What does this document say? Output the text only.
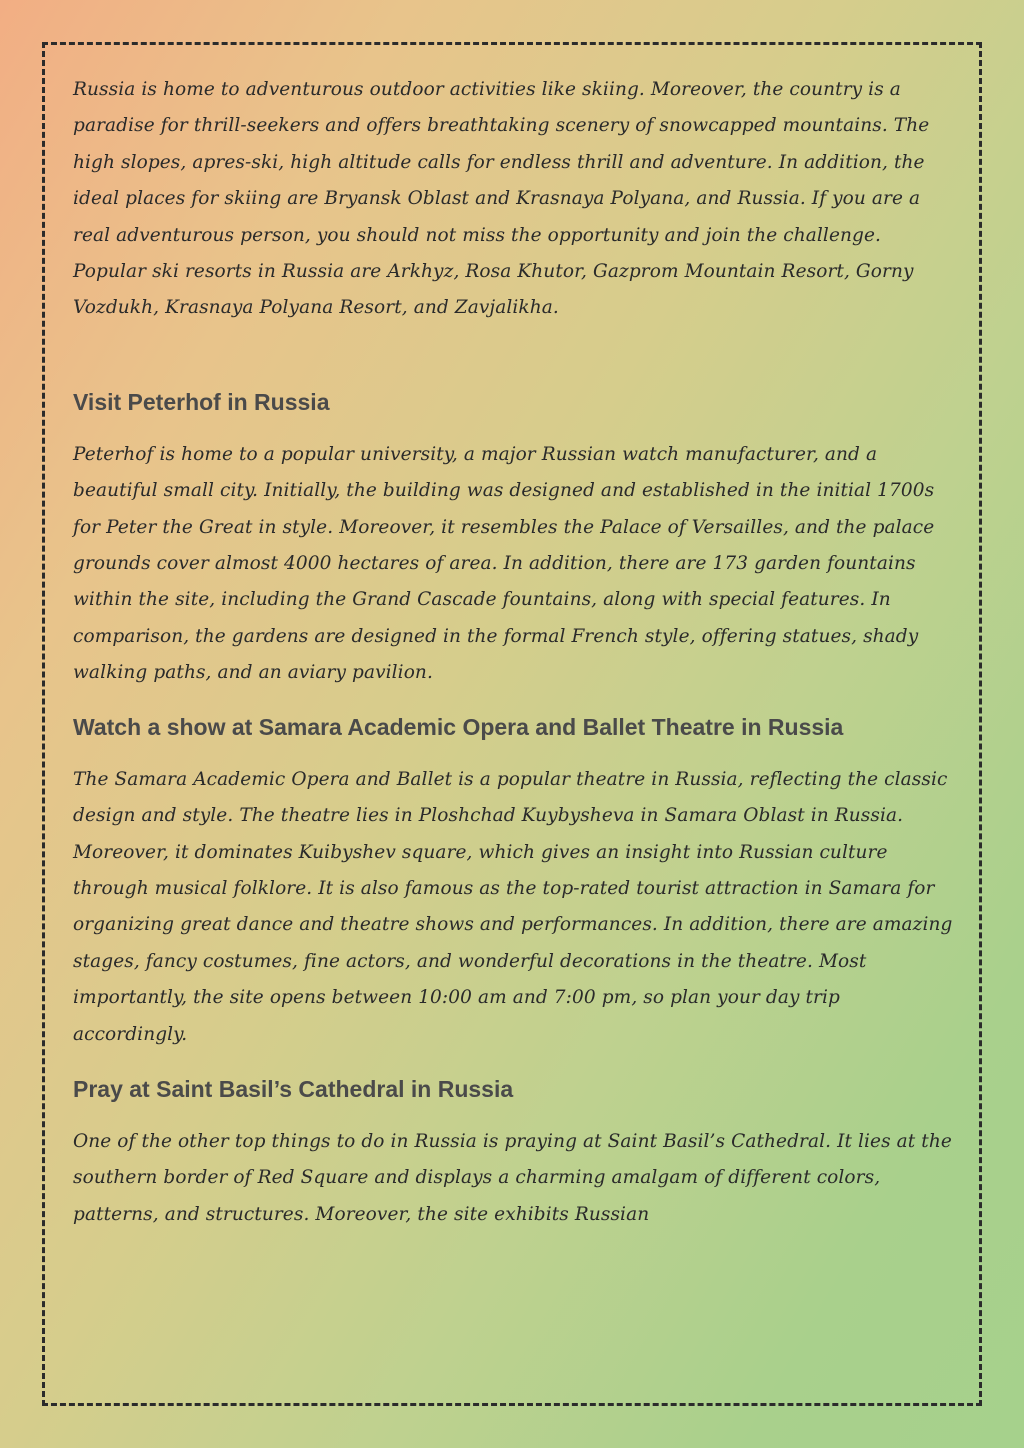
Russia is home to adventurous outdoor activities like skiing. Moreover, the country is a paradise for thrill-seekers and offers breathtaking scenery of snowcapped mountains. The high slopes, apres-ski, high altitude calls for endless thrill and adventure. In addition, the ideal places for skiing are Bryansk Oblast and Krasnaya Polyana, and Russia. If you are a real adventurous person, you should not miss the opportunity and join the challenge. Popular ski resorts in Russia are Arkhyz, Rosa Khutor, Gazprom Mountain Resort, Gorny Vozdukh, Krasnaya Polyana Resort, and Zavjalikha.

Visit Peterhof in Russia

Peterhof is home to a popular university, a major Russian watch manufacturer, and a beautiful small city. Initially, the building was designed and established in the initial 1700s for Peter the Great in style. Moreover, it resembles the Palace of Versailles, and the palace grounds cover almost 4000 hectares of area. In addition, there are 173 garden fountains within the site, including the Grand Cascade fountains, along with special features. In comparison, the gardens are designed in the formal French style, offering statues, shady walking paths, and an aviary pavilion.

Watch a show at Samara Academic Opera and Ballet Theatre in Russia

The Samara Academic Opera and Ballet is a popular theatre in Russia, reflecting the classic design and style. The theatre lies in Ploshchad Kuybysheva in Samara Oblast in Russia. Moreover, it dominates Kuibyshev square, which gives an insight into Russian culture through musical folklore. It is also famous as the top-rated tourist attraction in Samara for organizing great dance and theatre shows and performances. In addition, there are amazing stages, fancy costumes, fine actors, and wonderful decorations in the theatre. Most importantly, the site opens between 10:00 am and 7:00 pm, so plan your day trip accordingly.

Pray at Saint Basil’s Cathedral in Russia

One of the other top things to do in Russia is praying at Saint Basil’s Cathedral. It lies at the southern border of Red Square and displays a charming amalgam of different colors, patterns, and structures. Moreover, the site exhibits Russian
